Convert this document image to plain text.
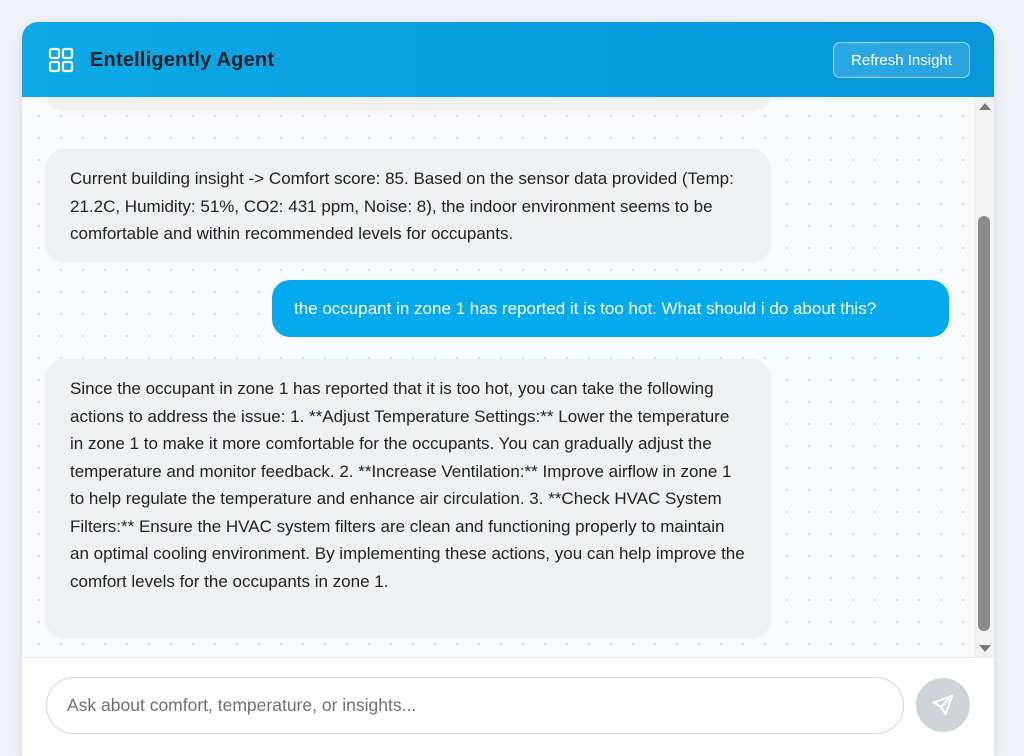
Entelligently Agent	Refresh Insight
Current building insight -> Comfort score: 85. Based on the sensor data provided (Temp: 21.2C, Humidity: 51%, CO2: 431 ppm, Noise: 8), the indoor environment seems to be comfortable and within recommended levels for occupants.
the occupant in zone 1 has reported it is too hot. What should i do about this?
Since the occupant in zone 1 has reported that it is too hot, you can take the following actions to address the issue: 1. **Adjust Temperature Settings:** Lower the temperature in zone 1 to make it more comfortable for the occupants. You can gradually adjust the temperature and monitor feedback. 2. **Increase Ventilation:** Improve airflow in zone 1 to help regulate the temperature and enhance air circulation. 3. **Check HVAC System Filters:** Ensure the HVAC system filters are clean and functioning properly to maintain an optimal cooling environment. By implementing these actions, you can help improve the comfort levels for the occupants in zone 1.
Ask about comfort, temperature, or insights...
